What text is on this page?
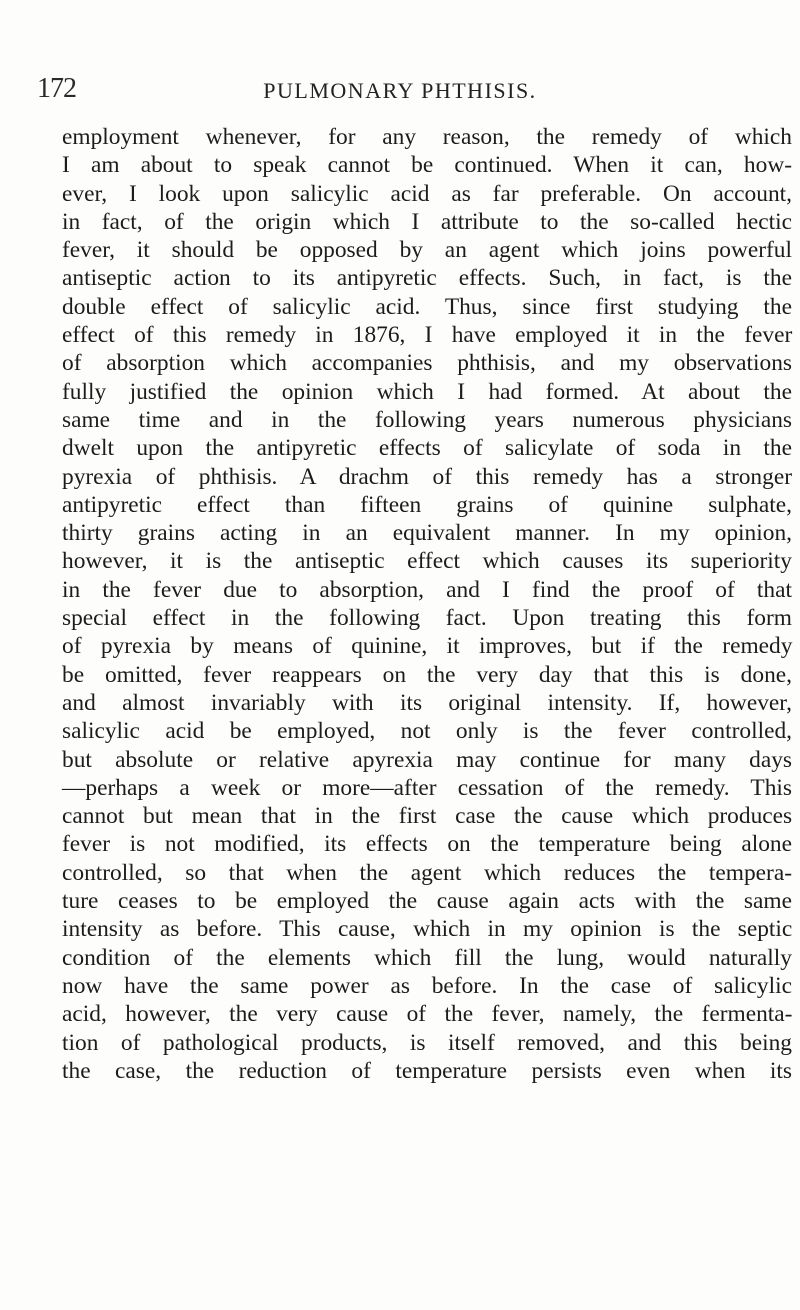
172	PULMONARY PHTHISIS.
employment whenever, for any reason, the remedy of which
I am about to speak cannot be continued. When it can, how-
ever, I look upon salicylic acid as far preferable. On account,
in fact, of the origin which I attribute to the so-called hectic
fever, it should be opposed by an agent which joins powerful
antiseptic action to its antipyretic effects. Such, in fact, is the
double effect of salicylic acid. Thus, since first studying the
effect of this remedy in 1876, I have employed it in the fever
of absorption which accompanies phthisis, and my observations
fully justified the opinion which I had formed. At about the
same time and in the following years numerous physicians
dwelt upon the antipyretic effects of salicylate of soda in the
pyrexia of phthisis. A drachm of this remedy has a stronger
antipyretic effect than fifteen grains of quinine sulphate,
thirty grains acting in an equivalent manner. In my opinion,
however, it is the antiseptic effect which causes its superiority
in the fever due to absorption, and I find the proof of that
special effect in the following fact. Upon treating this form
of pyrexia by means of quinine, it improves, but if the remedy
be omitted, fever reappears on the very day that this is done,
and almost invariably with its original intensity. If, however,
salicylic acid be employed, not only is the fever controlled,
but absolute or relative apyrexia may continue for many days
—perhaps a week or more—after cessation of the remedy. This
cannot but mean that in the first case the cause which produces
fever is not modified, its effects on the temperature being alone
controlled, so that when the agent which reduces the tempera-
ture ceases to be employed the cause again acts with the same
intensity as before. This cause, which in my opinion is the septic
condition of the elements which fill the lung, would naturally
now have the same power as before. In the case of salicylic
acid, however, the very cause of the fever, namely, the fermenta-
tion of pathological products, is itself removed, and this being
the case, the reduction of temperature persists even when its
